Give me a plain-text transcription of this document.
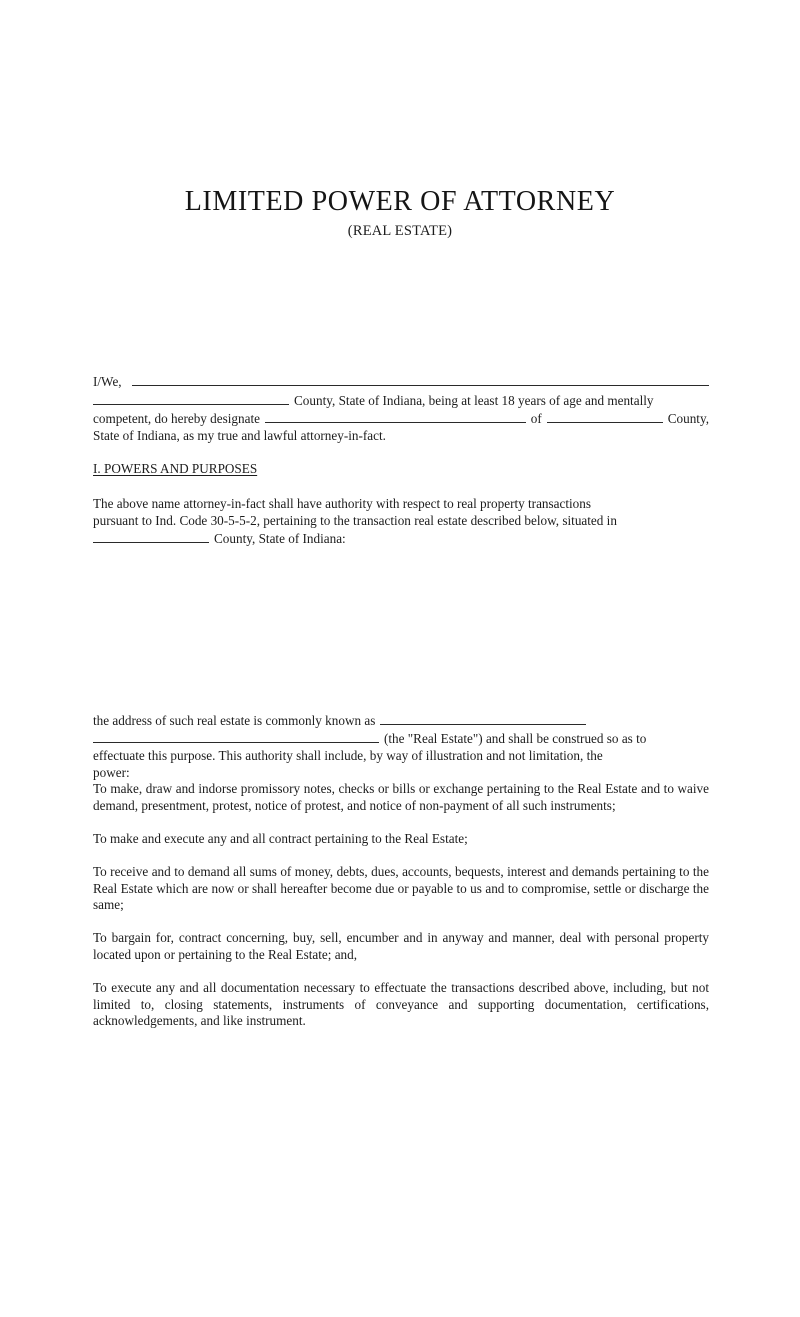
LIMITED POWER OF ATTORNEY
(REAL ESTATE)
I/We,
County, State of Indiana, being at least 18 years of age and mentally
competent, do hereby designate	of	County,
State of Indiana, as my true and lawful attorney-in-fact.
I. POWERS AND PURPOSES
The above name attorney-in-fact shall have authority with respect to real property transactions
pursuant to Ind. Code 30-5-5-2, pertaining to the transaction real estate described below, situated in
County, State of Indiana:
the address of such real estate is commonly known as
(the "Real Estate") and shall be construed so as to
effectuate this purpose. This authority shall include, by way of illustration and not limitation, the
power:

To make, draw and indorse promissory notes, checks or bills or exchange pertaining to the Real Estate and to waive demand, presentment, protest, notice of protest, and notice of non-payment of all such instruments;

To make and execute any and all contract pertaining to the Real Estate;

To receive and to demand all sums of money, debts, dues, accounts, bequests, interest and demands pertaining to the Real Estate which are now or shall hereafter become due or payable to us and to compromise, settle or discharge the same;

To bargain for, contract concerning, buy, sell, encumber and in anyway and manner, deal with personal property located upon or pertaining to the Real Estate; and,

To execute any and all documentation necessary to effectuate the transactions described above, including, but not limited to, closing statements, instruments of conveyance and supporting documentation, certifications, acknowledgements, and like instrument.
